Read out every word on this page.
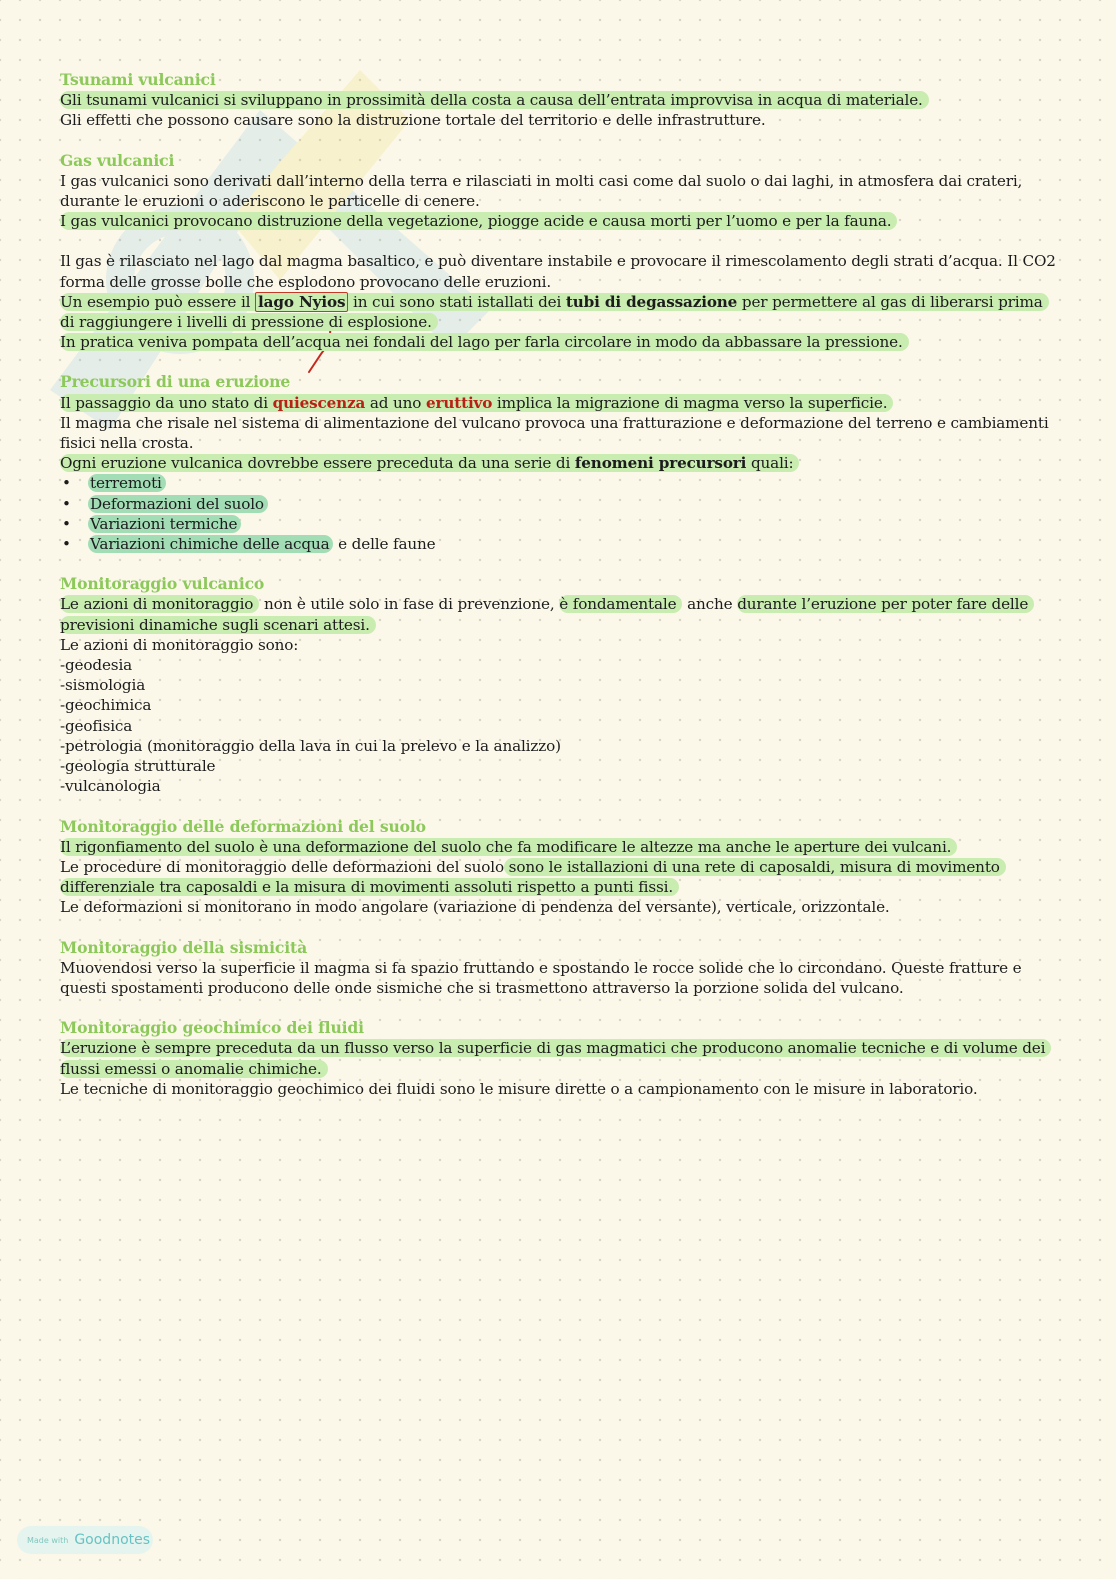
Tsunami vulcanici

Gli tsunami vulcanici si sviluppano in prossimità della costa a causa dell’entrata improvvisa in acqua di materiale.

Gli effetti che possono causare sono la distruzione tortale del territorio e delle infrastrutture.

Gas vulcanici

I gas vulcanici sono derivati dall’interno della terra e rilasciati in molti casi come dal suolo o dai laghi, in atmosfera dai crateri, durante le eruzioni o aderiscono le particelle di cenere.

I gas vulcanici provocano distruzione della vegetazione, piogge acide e causa morti per l’uomo e per la fauna.

Il gas è rilasciato nel lago dal magma basaltico, e può diventare instabile e provocare il rimescolamento degli strati d’acqua. Il CO2 forma delle grosse bolle che esplodono provocano delle eruzioni.

Un esempio può essere il lago Nyios in cui sono stati istallati dei tubi di degassazione per permettere al gas di liberarsi prima di raggiungere i livelli di pressione di esplosione.

In pratica veniva pompata dell’acqua nei fondali del lago per farla circolare in modo da abbassare la pressione.

Precursori di una eruzione

Il passaggio da uno stato di quiescenza ad uno eruttivo implica la migrazione di magma verso la superficie.

Il magma che risale nel sistema di alimentazione del vulcano provoca una fratturazione e deformazione del terreno e cambiamenti fisici nella crosta.

Ogni eruzione vulcanica dovrebbe essere preceduta da una serie di fenomeni precursori quali:

• terremoti
• Deformazioni del suolo
• Variazioni termiche
• Variazioni chimiche delle acqua e delle faune
Monitoraggio vulcanico

Le azioni di monitoraggio non è utile solo in fase di prevenzione, è fondamentale anche durante l’eruzione per poter fare delle previsioni dinamiche sugli scenari attesi.

Le azioni di monitoraggio sono:

-geodesia

-sismologia

-geochimica

-geofisica

-petrologia (monitoraggio della lava in cui la prelevo e la analizzo)

-geologia strutturale

-vulcanologia

Monitoraggio delle deformazioni del suolo

Il rigonfiamento del suolo è una deformazione del suolo che fa modificare le altezze ma anche le aperture dei vulcani.

Le procedure di monitoraggio delle deformazioni del suolo sono le istallazioni di una rete di caposaldi, misura di movimento differenziale tra caposaldi e la misura di movimenti assoluti rispetto a punti fissi.

Le deformazioni si monitorano in modo angolare (variazione di pendenza del versante), verticale, orizzontale.

Monitoraggio della sismicità

Muovendosi verso la superficie il magma si fa spazio fruttando e spostando le rocce solide che lo circondano. Queste fratture e questi spostamenti producono delle onde sismiche che si trasmettono attraverso la porzione solida del vulcano.

Monitoraggio geochimico dei fluidi

L’eruzione è sempre preceduta da un flusso verso la superficie di gas magmatici che producono anomalie tecniche e di volume dei flussi emessi o anomalie chimiche.

Le tecniche di monitoraggio geochimico dei fluidi sono le misure dirette o a campionamento con le misure in laboratorio.

Made with Goodnotes
